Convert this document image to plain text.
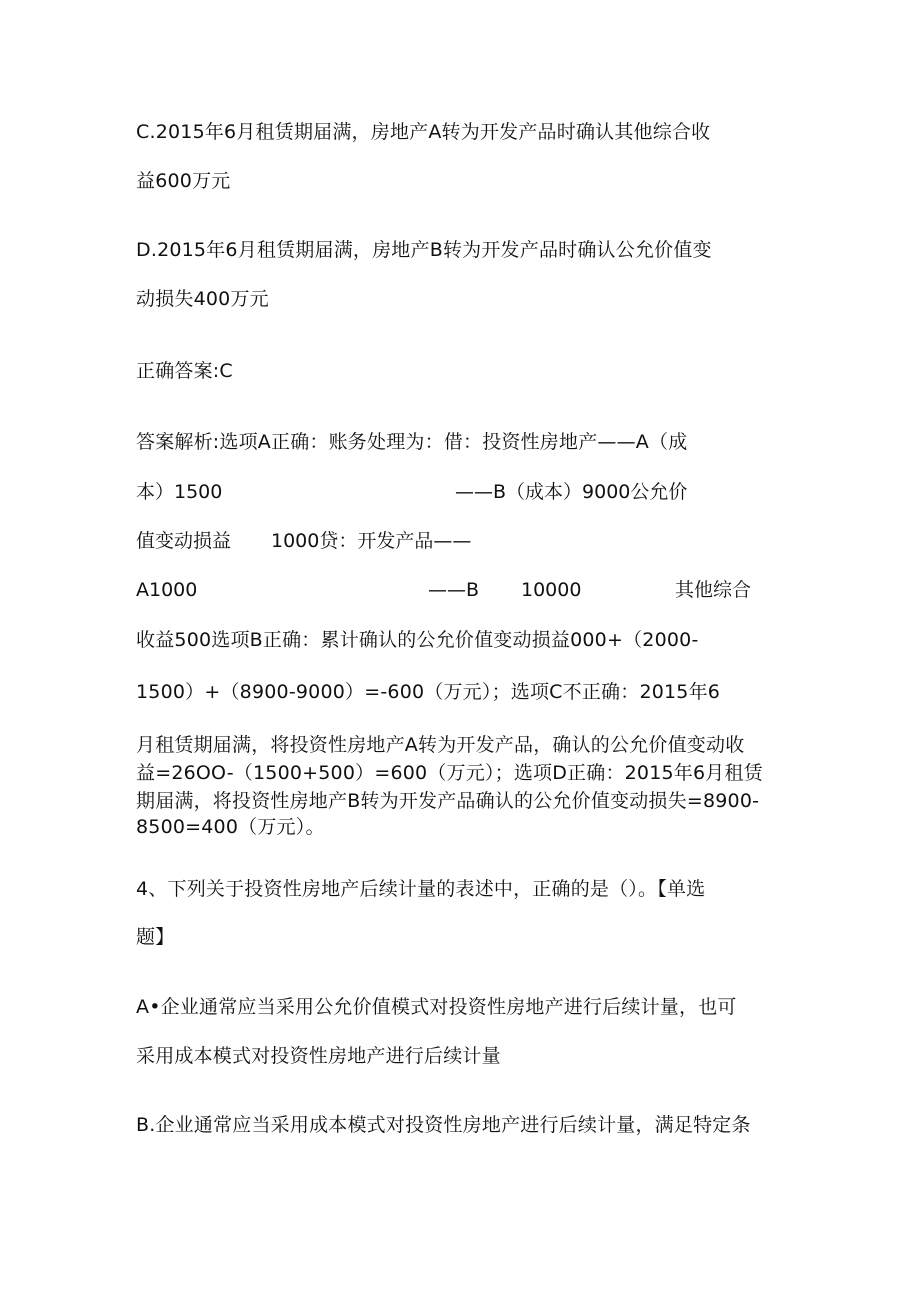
C.2015年6月租赁期届满，房地产A转为开发产品时确认其他综合收
益600万元
D.2015年6月租赁期届满，房地产B转为开发产品时确认公允价值变
动损失400万元
正确答案:C
答案解析:选项A正确：账务处理为：借：投资性房地产——A（成
本）1500	——B（成本）9000公允价
值变动损益 1000贷：开发产品——
A1000	——B 10000	其他综合
收益500选项B正确：累计确认的公允价值变动损益000+（2000-
1500）+（8900-9000）=-600（万元）；选项C不正确：2015年6
月租赁期届满，将投资性房地产A转为开发产品，确认的公允价值变动收
益=26OO-（1500+500）=600（万元）；选项D正确：2015年6月租赁
期届满，将投资性房地产B转为开发产品确认的公允价值变动损失=8900-
8500=400（万元）。
4、下列关于投资性房地产后续计量的表述中，正确的是（）。【单选
题】
A•企业通常应当采用公允价值模式对投资性房地产进行后续计量，也可
采用成本模式对投资性房地产进行后续计量
B.企业通常应当采用成本模式对投资性房地产进行后续计量，满足特定条
